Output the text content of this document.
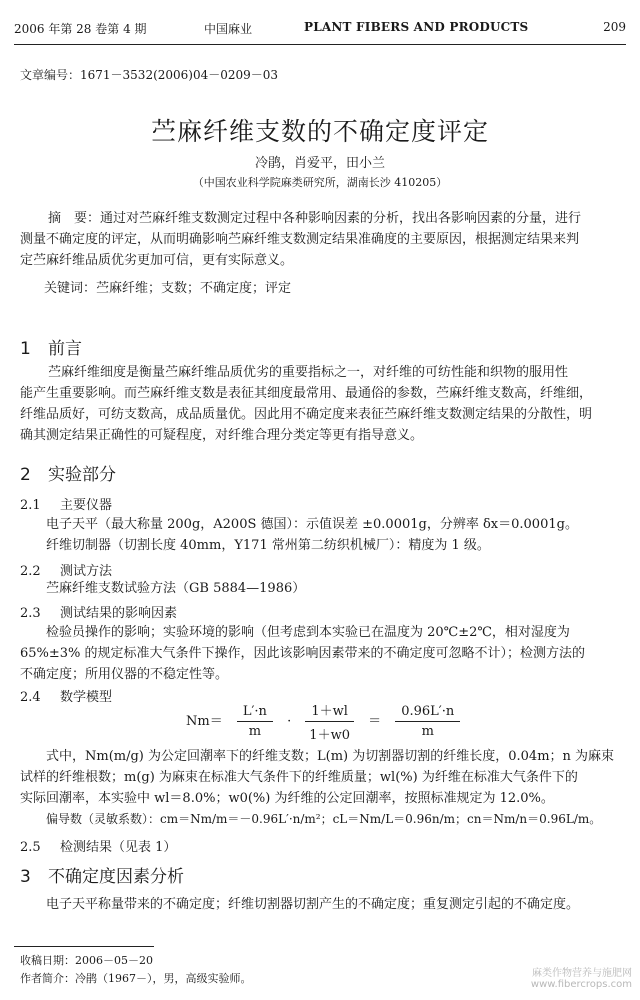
2006 年第 28 卷第 4 期	中国麻业	PLANT FIBERS AND PRODUCTS	209
文章编号：1671－3532(2006)04－0209－03
苎麻纤维支数的不确定度评定
冷鹃，肖爱平，田小兰
（中国农业科学院麻类研究所，湖南长沙 410205）
摘　要：通过对苎麻纤维支数测定过程中各种影响因素的分析，找出各影响因素的分量，进行
测量不确定度的评定，从而明确影响苎麻纤维支数测定结果准确度的主要原因，根据测定结果来判
定苎麻纤维品质优劣更加可信，更有实际意义。
关键词：苎麻纤维；支数；不确定度；评定
1 前言
苎麻纤维细度是衡量苎麻纤维品质优劣的重要指标之一，对纤维的可纺性能和织物的服用性
能产生重要影响。而苎麻纤维支数是表征其细度最常用、最通俗的参数，苎麻纤维支数高，纤维细，
纤维品质好，可纺支数高，成品质量优。因此用不确定度来表征苎麻纤维支数测定结果的分散性，明
确其测定结果正确性的可疑程度，对纤维合理分类定等更有指导意义。
2 实验部分
2.1 主要仪器
电子天平（最大称量 200g，A200S 德国）：示值误差 ±0.0001g，分辨率 δx＝0.0001g。
纤维切制器（切割长度 40mm，Y171 常州第二纺织机械厂）：精度为 1 级。
2.2 测试方法
苎麻纤维支数试验方法（GB 5884—1986）
2.3 测试结果的影响因素
检验员操作的影响；实验环境的影响（但考虑到本实验已在温度为 20℃±2℃，相对湿度为
65%±3% 的规定标准大气条件下操作，因此该影响因素带来的不确定度可忽略不计）；检测方法的
不确定度；所用仪器的不稳定性等。
2.4 数学模型
$Nm= \frac{L'\cdot n}{m} \cdot \frac{1+wl}{1+w0} = \frac{0.96L'\cdot n}{m}$
式中，Nm(m/g) 为公定回潮率下的纤维支数；L(m) 为切割器切割的纤维长度，0.04m；n 为麻束
试样的纤维根数；m(g) 为麻束在标准大气条件下的纤维质量；wl(%) 为纤维在标准大气条件下的
实际回潮率，本实验中 wl＝8.0%；w0(%) 为纤维的公定回潮率，按照标准规定为 12.0%。
偏导数（灵敏系数）：cm＝Nm/m＝－0.96L′·n/m²；cL＝Nm/L＝0.96n/m；cn＝Nm/n＝0.96L/m。
2.5 检测结果（见表 1）
3 不确定度因素分析
电子天平称量带来的不确定度；纤维切割器切割产生的不确定度；重复测定引起的不确定度。
收稿日期：2006－05－20
作者简介：冷鹃（1967－），男，高级实验师。	麻类作物营养与施肥网
www.fibercrops.com
